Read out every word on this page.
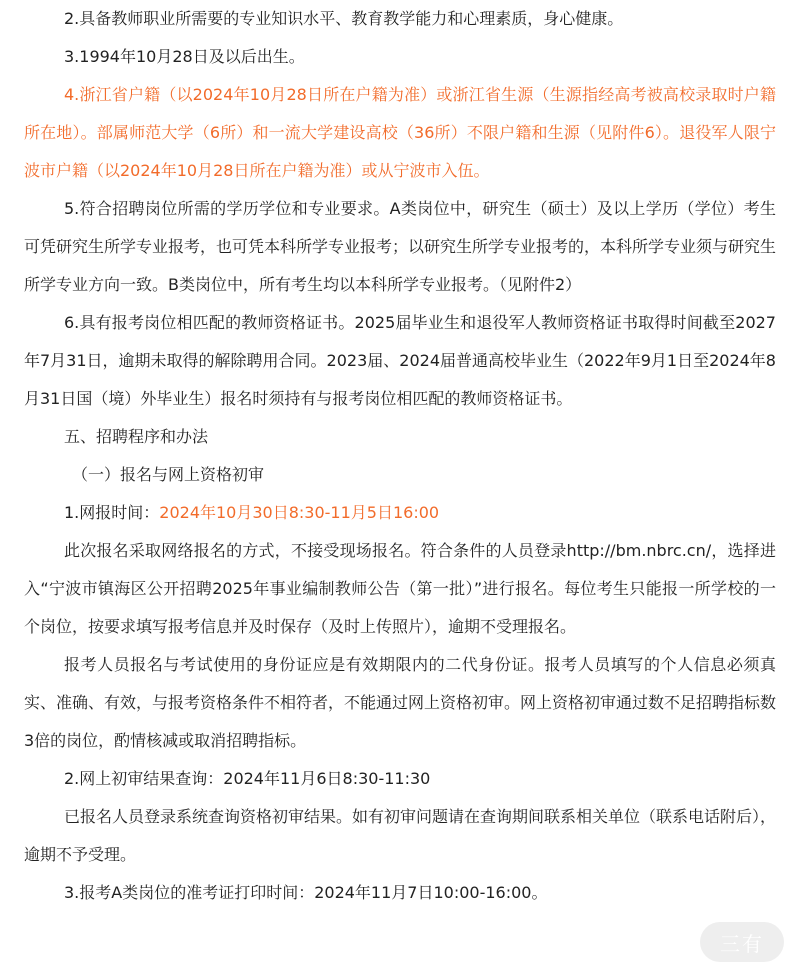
2.具备教师职业所需要的专业知识水平、教育教学能力和心理素质，身心健康。

3.1994年10月28日及以后出生。

4.浙江省户籍（以2024年10月28日所在户籍为准）或浙江省生源（生源指经高考被高校录取时户籍所在地）。部属师范大学（6所）和一流大学建设高校（36所）不限户籍和生源（见附件6）。退役军人限宁波市户籍（以2024年10月28日所在户籍为准）或从宁波市入伍。

5.符合招聘岗位所需的学历学位和专业要求。A类岗位中，研究生（硕士）及以上学历（学位）考生可凭研究生所学专业报考，也可凭本科所学专业报考；以研究生所学专业报考的，本科所学专业须与研究生所学专业方向一致。B类岗位中，所有考生均以本科所学专业报考。（见附件2）

6.具有报考岗位相匹配的教师资格证书。2025届毕业生和退役军人教师资格证书取得时间截至2027年7月31日，逾期未取得的解除聘用合同。2023届、2024届普通高校毕业生（2022年9月1日至2024年8月31日国（境）外毕业生）报名时须持有与报考岗位相匹配的教师资格证书。

五、招聘程序和办法

（一）报名与网上资格初审

1.网报时间：2024年10月30日8:30-11月5日16:00

此次报名采取网络报名的方式，不接受现场报名。符合条件的人员登录http://bm.nbrc.cn/，选择进入“宁波市镇海区公开招聘2025年事业编制教师公告（第一批）”进行报名。每位考生只能报一所学校的一个岗位，按要求填写报考信息并及时保存（及时上传照片），逾期不受理报名。

报考人员报名与考试使用的身份证应是有效期限内的二代身份证。报考人员填写的个人信息必须真实、准确、有效，与报考资格条件不相符者，不能通过网上资格初审。网上资格初审通过数不足招聘指标数3倍的岗位，酌情核减或取消招聘指标。

2.网上初审结果查询：2024年11月6日8:30-11:30

已报名人员登录系统查询资格初审结果。如有初审问题请在查询期间联系相关单位（联系电话附后），逾期不予受理。

3.报考A类岗位的准考证打印时间：2024年11月7日10:00-16:00。

三有
